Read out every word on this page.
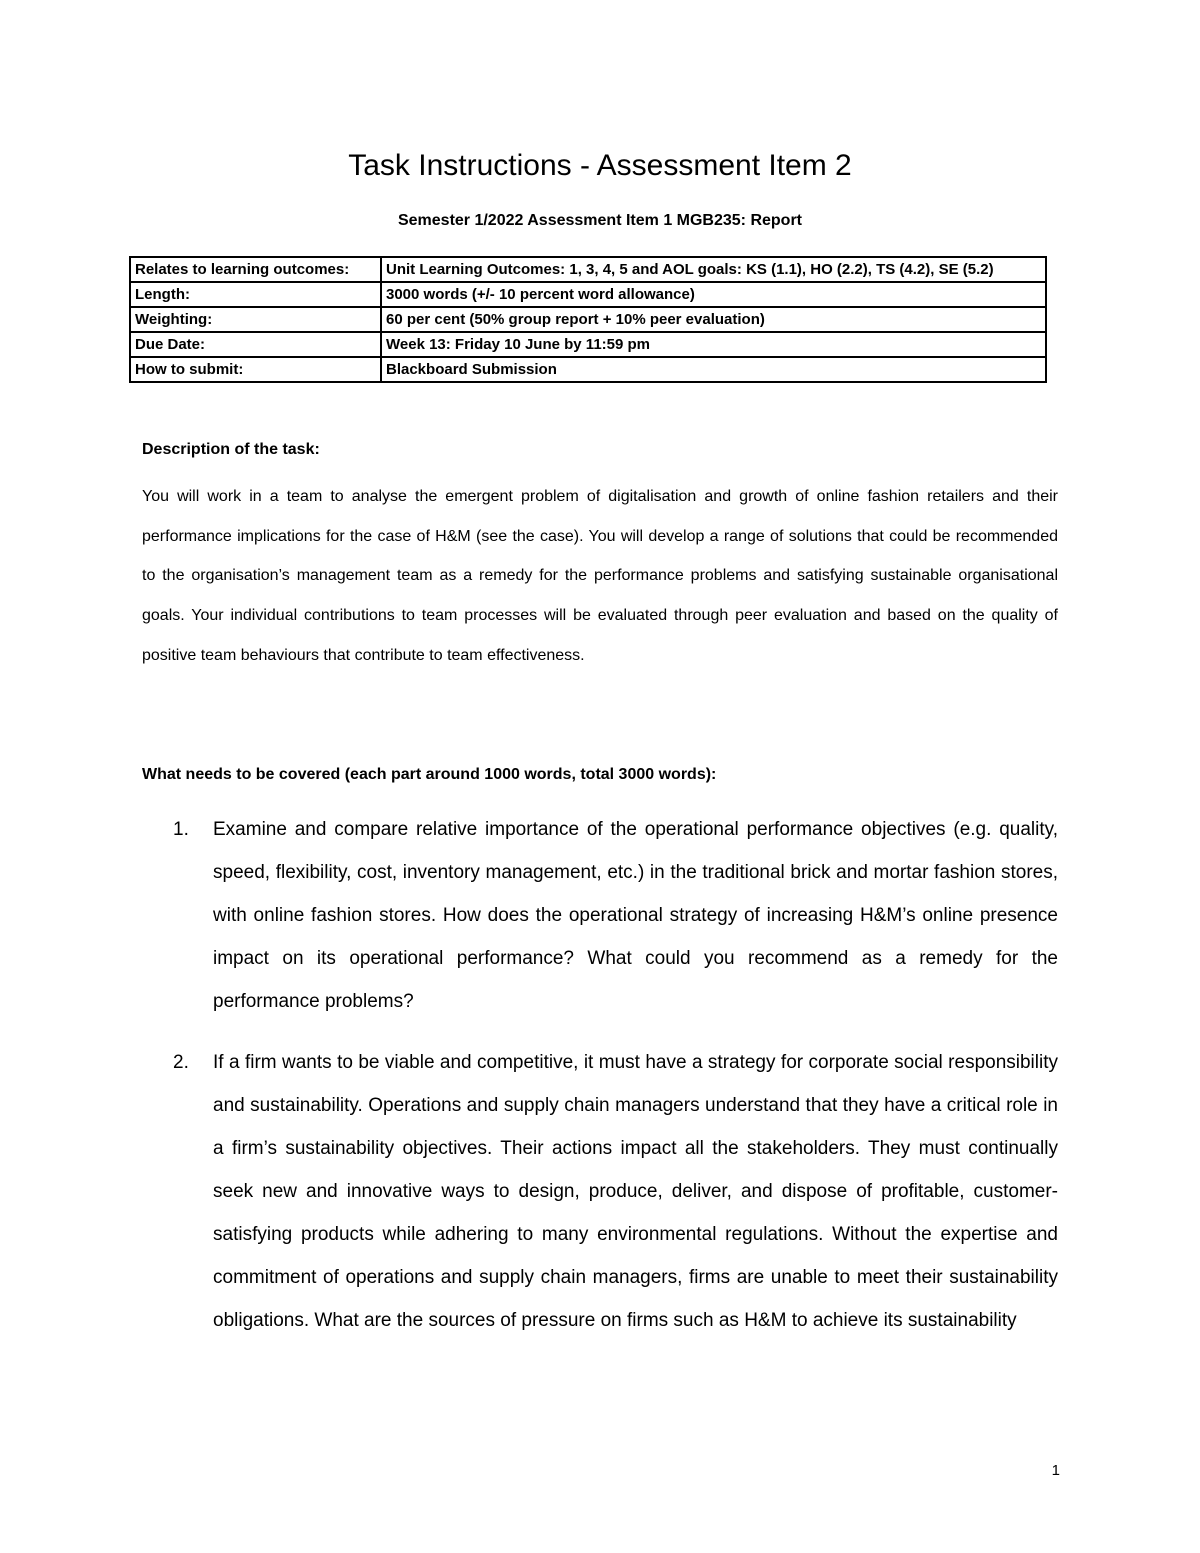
Task Instructions - Assessment Item 2

Semester 1/2022 Assessment Item 1 MGB235: Report

Relates to learning outcomes:	Unit Learning Outcomes: 1, 3, 4, 5 and AOL goals: KS (1.1), HO (2.2), TS (4.2), SE (5.2)
Length:	3000 words (+/- 10 percent word allowance)
Weighting:	60 per cent (50% group report + 10% peer evaluation)
Due Date:	Week 13: Friday 10 June by 11:59 pm
How to submit:	Blackboard Submission

Description of the task:

You will work in a team to analyse the emergent problem of digitalisation and growth of online fashion retailers and their performance implications for the case of H&M (see the case). You will develop a range of solutions that could be recommended to the organisation’s management team as a remedy for the performance problems and satisfying sustainable organisational goals. Your individual contributions to team processes will be evaluated through peer evaluation and based on the quality of positive team behaviours that contribute to team effectiveness.

What needs to be covered (each part around 1000 words, total 3000 words):

1. Examine and compare relative importance of the operational performance objectives (e.g. quality, speed, flexibility, cost, inventory management, etc.) in the traditional brick and mortar fashion stores, with online fashion stores. How does the operational strategy of increasing H&M’s online presence impact on its operational performance? What could you recommend as a remedy for the performance problems?
2. If a firm wants to be viable and competitive, it must have a strategy for corporate social responsibility and sustainability. Operations and supply chain managers understand that they have a critical role in a firm’s sustainability objectives. Their actions impact all the stakeholders. They must continually seek new and innovative ways to design, produce, deliver, and dispose of profitable, customer-satisfying products while adhering to many environmental regulations. Without the expertise and commitment of operations and supply chain managers, firms are unable to meet their sustainability obligations. What are the sources of pressure on firms such as H&M to achieve its sustainability
1
